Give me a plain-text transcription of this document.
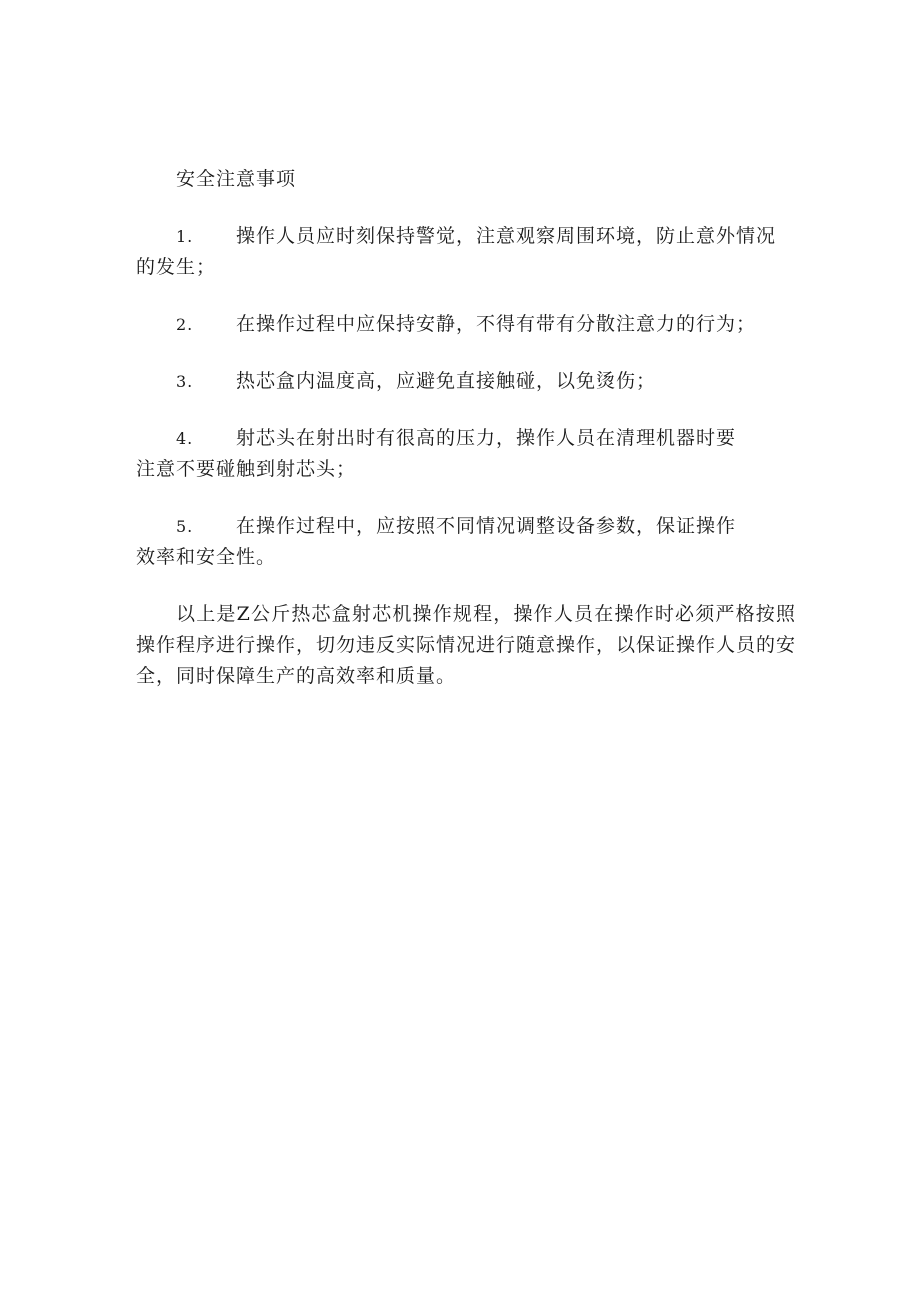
安全注意事项
1.	操作人员应时刻保持警觉，注意观察周围环境，防止意外情况
的发生；
2.	在操作过程中应保持安静，不得有带有分散注意力的行为；
3.	热芯盒内温度高，应避免直接触碰，以免烫伤；
4.	射芯头在射出时有很高的压力，操作人员在清理机器时要
注意不要碰触到射芯头；
5.	在操作过程中，应按照不同情况调整设备参数，保证操作
效率和安全性。

以上是Z公斤热芯盒射芯机操作规程，操作人员在操作时必须严格按照操作程序进行操作，切勿违反实际情况进行随意操作，以保证操作人员的安全，同时保障生产的高效率和质量。
